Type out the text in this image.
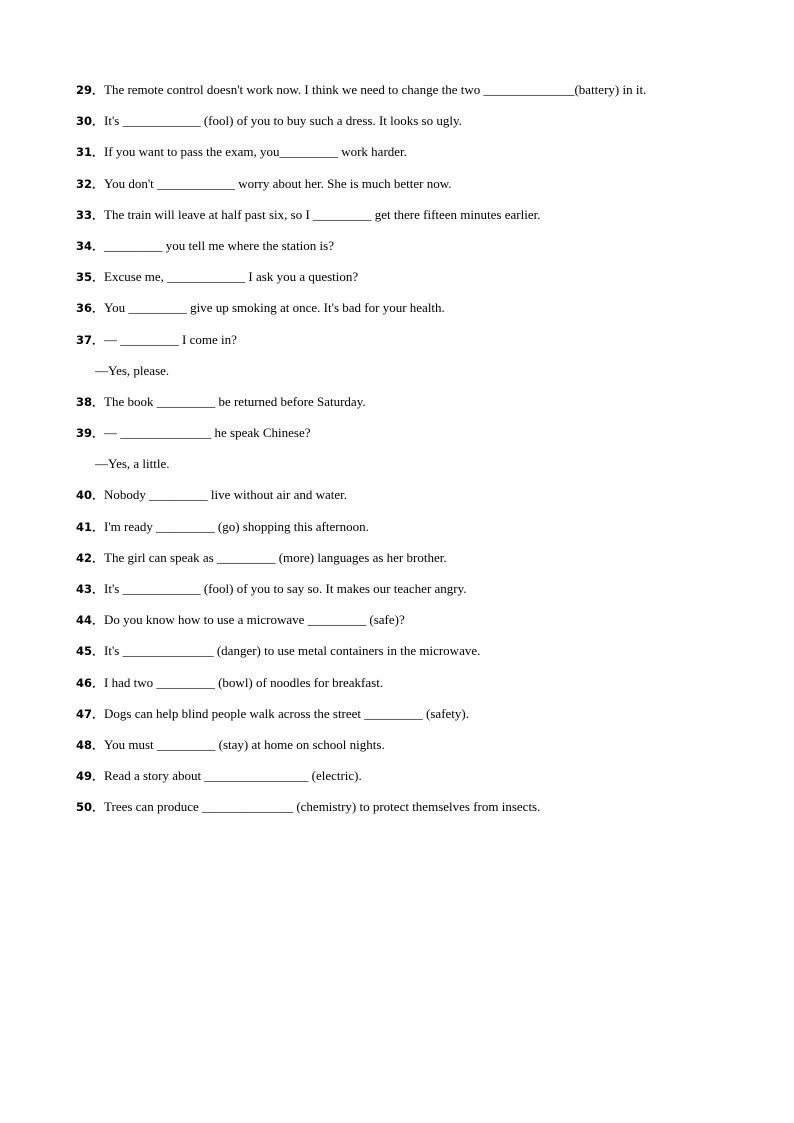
29． The remote control doesn't work now. I think we need to change the two ______________(battery) in it.
30． It's ____________ (fool) of you to buy such a dress. It looks so ugly.
31． If you want to pass the exam, you_________ work harder.
32． You don't ____________ worry about her. She is much better now.
33． The train will leave at half past six, so I _________ get there fifteen minutes earlier.
34． _________ you tell me where the station is?
35． Excuse me, ____________ I ask you a question?
36． You _________ give up smoking at once. It's bad for your health.
37． — _________ I come in?
—Yes, please.
38． The book _________ be returned before Saturday.
39． — ______________ he speak Chinese?
—Yes, a little.
40． Nobody _________ live without air and water.
41． I'm ready _________ (go) shopping this afternoon.
42． The girl can speak as _________ (more) languages as her brother.
43． It's ____________ (fool) of you to say so. It makes our teacher angry.
44． Do you know how to use a microwave _________ (safe)?
45． It's ______________ (danger) to use metal containers in the microwave.
46． I had two _________ (bowl) of noodles for breakfast.
47． Dogs can help blind people walk across the street _________ (safety).
48． You must _________ (stay) at home on school nights.
49． Read a story about ________________ (electric).
50． Trees can produce ______________ (chemistry) to protect themselves from insects.
